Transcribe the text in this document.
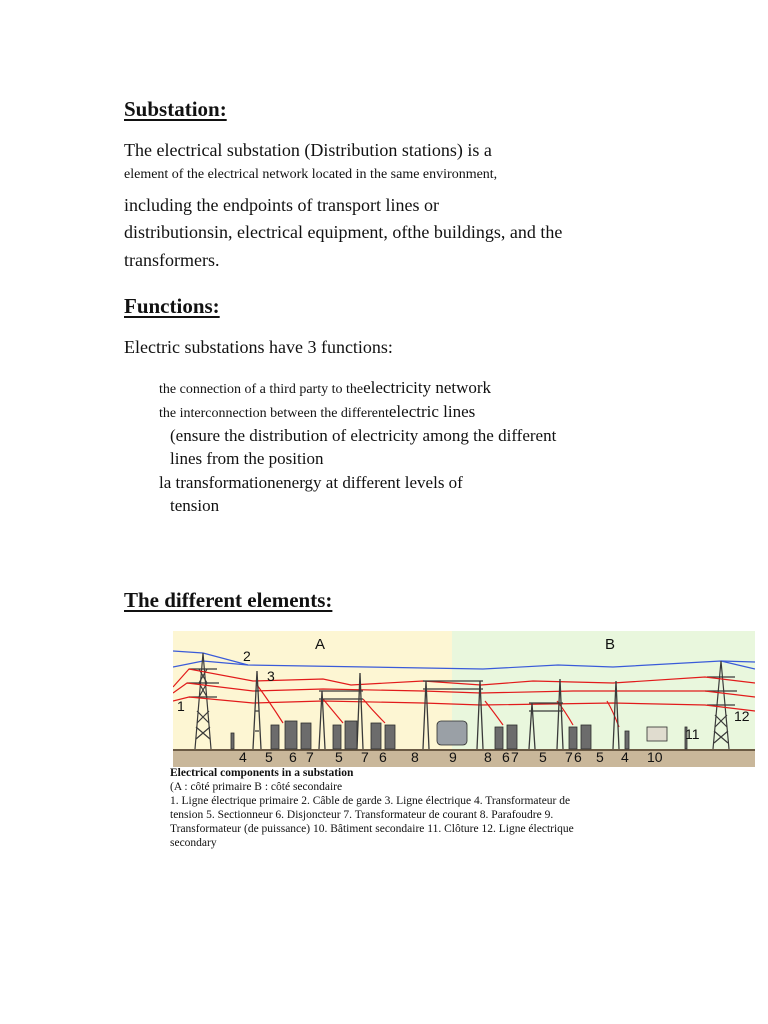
Substation:
The electrical substation (Distribution stations) is a
element of the electrical network located in the same environment,
including the endpoints of transport lines or
distributionsin, electrical equipment, ofthe buildings, and the
transformers.
Functions:
Electric substations have 3 functions:
the connection of a third party to theelectricity network
the interconnection between the differentelectric lines
(ensure the distribution of electricity among the different
lines from the position
la transformationenergy at different levels of
tension
The different elements:
A	B
1
2
3
4 5 6 7 5 7 6 8 9 8 6 7 5 7 6 5 4 10
11
12
Electrical components in a substation
(A : côté primaire B : côté secondaire
1. Ligne électrique primaire 2. Câble de garde 3. Ligne électrique 4. Transformateur de
tension 5. Sectionneur 6. Disjoncteur 7. Transformateur de courant 8. Parafoudre 9.
Transformateur (de puissance) 10. Bâtiment secondaire 11. Clôture 12. Ligne électrique
secondary
